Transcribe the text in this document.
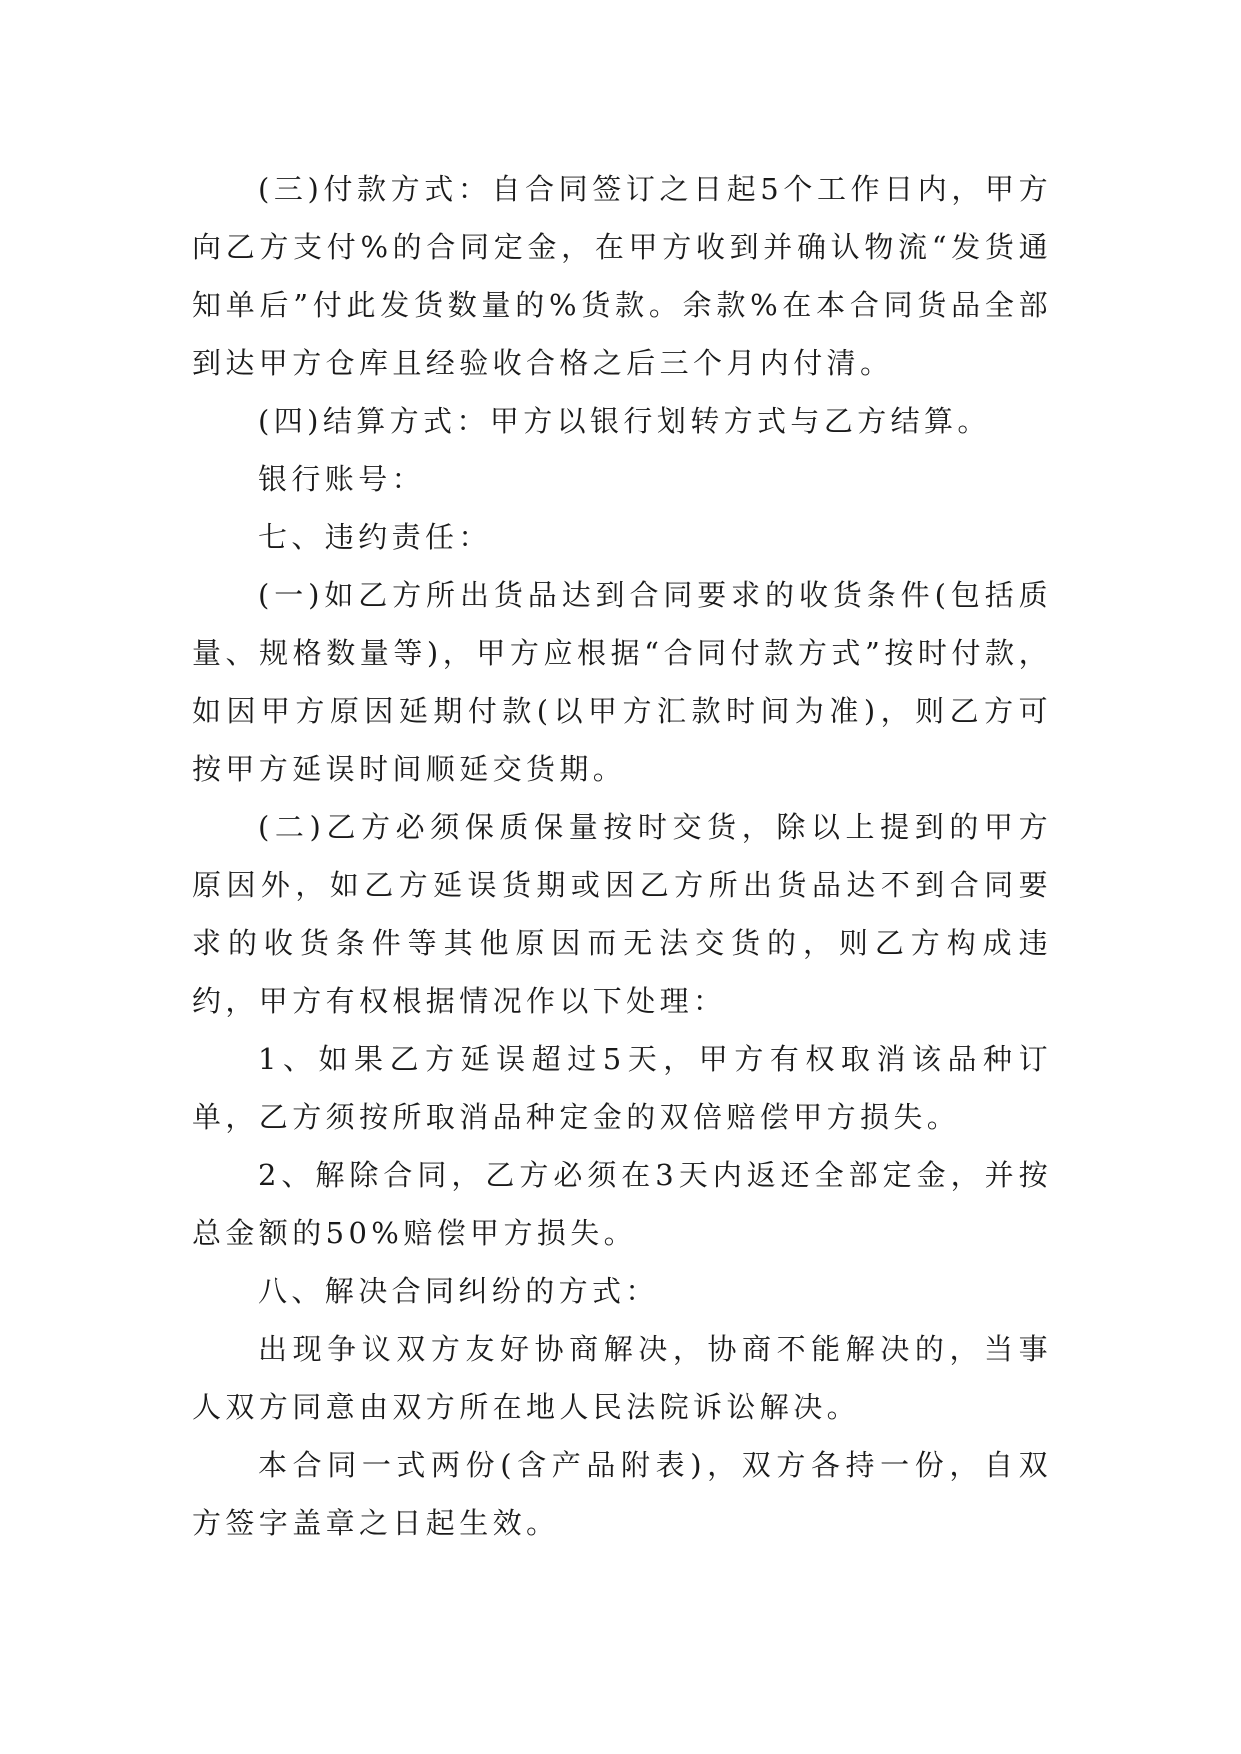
(三)付款方式：自合同签订之日起5个工作日内，甲方向乙方支付%的合同定金，在甲方收到并确认物流“发货通知单后”付此发货数量的%货款。余款%在本合同货品全部到达甲方仓库且经验收合格之后三个月内付清。

(四)结算方式：甲方以银行划转方式与乙方结算。

银行账号：

七、违约责任：

(一)如乙方所出货品达到合同要求的收货条件(包括质量、规格数量等)，甲方应根据“合同付款方式”按时付款，如因甲方原因延期付款(以甲方汇款时间为准)，则乙方可按甲方延误时间顺延交货期。

(二)乙方必须保质保量按时交货，除以上提到的甲方原因外，如乙方延误货期或因乙方所出货品达不到合同要求的收货条件等其他原因而无法交货的，则乙方构成违约，甲方有权根据情况作以下处理：

1、如果乙方延误超过5天，甲方有权取消该品种订单，乙方须按所取消品种定金的双倍赔偿甲方损失。

2、解除合同，乙方必须在3天内返还全部定金，并按总金额的50%赔偿甲方损失。

八、解决合同纠纷的方式：

出现争议双方友好协商解决，协商不能解决的，当事人双方同意由双方所在地人民法院诉讼解决。

本合同一式两份(含产品附表)，双方各持一份，自双方签字盖章之日起生效。
